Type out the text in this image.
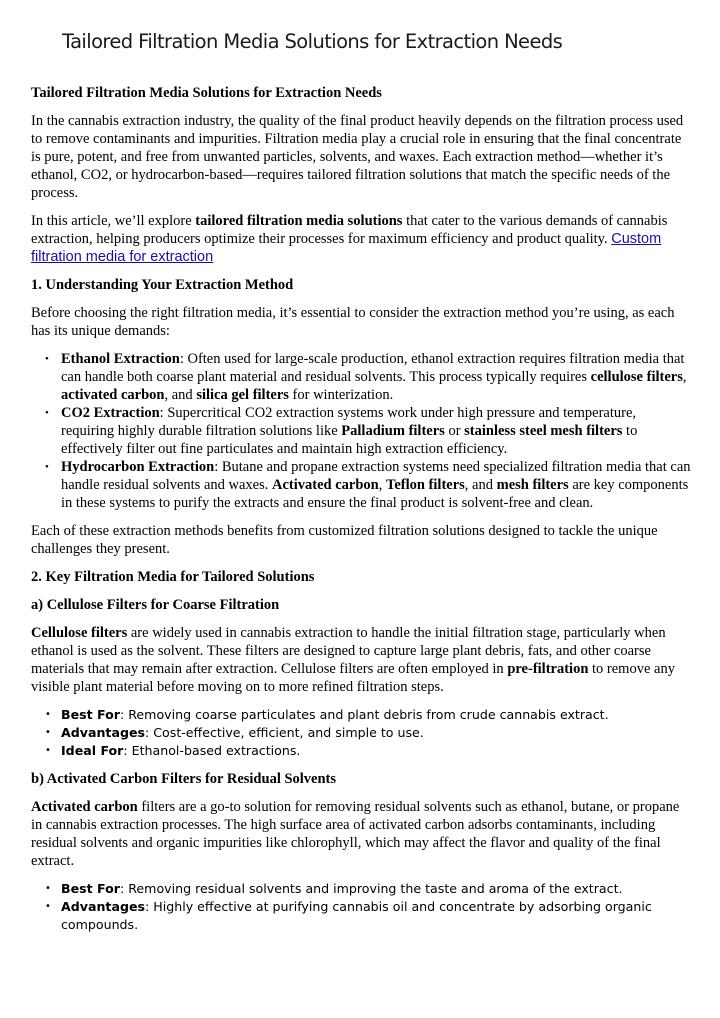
Tailored Filtration Media Solutions for Extraction Needs
Tailored Filtration Media Solutions for Extraction Needs

In the cannabis extraction industry, the quality of the final product heavily depends on the filtration process used to remove contaminants and impurities. Filtration media play a crucial role in ensuring that the final concentrate is pure, potent, and free from unwanted particles, solvents, and waxes. Each extraction method—whether it’s ethanol, CO2, or hydrocarbon-based—requires tailored filtration solutions that match the specific needs of the process.

In this article, we’ll explore tailored filtration media solutions that cater to the various demands of cannabis extraction, helping producers optimize their processes for maximum efficiency and product quality. Custom filtration media for extraction

1. Understanding Your Extraction Method

Before choosing the right filtration media, it’s essential to consider the extraction method you’re using, as each has its unique demands:

• Ethanol Extraction: Often used for large-scale production, ethanol extraction requires filtration media that can handle both coarse plant material and residual solvents. This process typically requires cellulose filters, activated carbon, and silica gel filters for winterization.
• CO2 Extraction: Supercritical CO2 extraction systems work under high pressure and temperature, requiring highly durable filtration solutions like Palladium filters or stainless steel mesh filters to effectively filter out fine particulates and maintain high extraction efficiency.
• Hydrocarbon Extraction: Butane and propane extraction systems need specialized filtration media that can handle residual solvents and waxes. Activated carbon, Teflon filters, and mesh filters are key components in these systems to purify the extracts and ensure the final product is solvent-free and clean.

Each of these extraction methods benefits from customized filtration solutions designed to tackle the unique challenges they present.

2. Key Filtration Media for Tailored Solutions
a) Cellulose Filters for Coarse Filtration

Cellulose filters are widely used in cannabis extraction to handle the initial filtration stage, particularly when ethanol is used as the solvent. These filters are designed to capture large plant debris, fats, and other coarse materials that may remain after extraction. Cellulose filters are often employed in pre-filtration to remove any visible plant material before moving on to more refined filtration steps.

• Best For: Removing coarse particulates and plant debris from crude cannabis extract.
• Advantages: Cost-effective, efficient, and simple to use.
• Ideal For: Ethanol-based extractions.
b) Activated Carbon Filters for Residual Solvents

Activated carbon filters are a go-to solution for removing residual solvents such as ethanol, butane, or propane in cannabis extraction processes. The high surface area of activated carbon adsorbs contaminants, including residual solvents and organic impurities like chlorophyll, which may affect the flavor and quality of the final extract.

• Best For: Removing residual solvents and improving the taste and aroma of the extract.
• Advantages: Highly effective at purifying cannabis oil and concentrate by adsorbing organic compounds.
